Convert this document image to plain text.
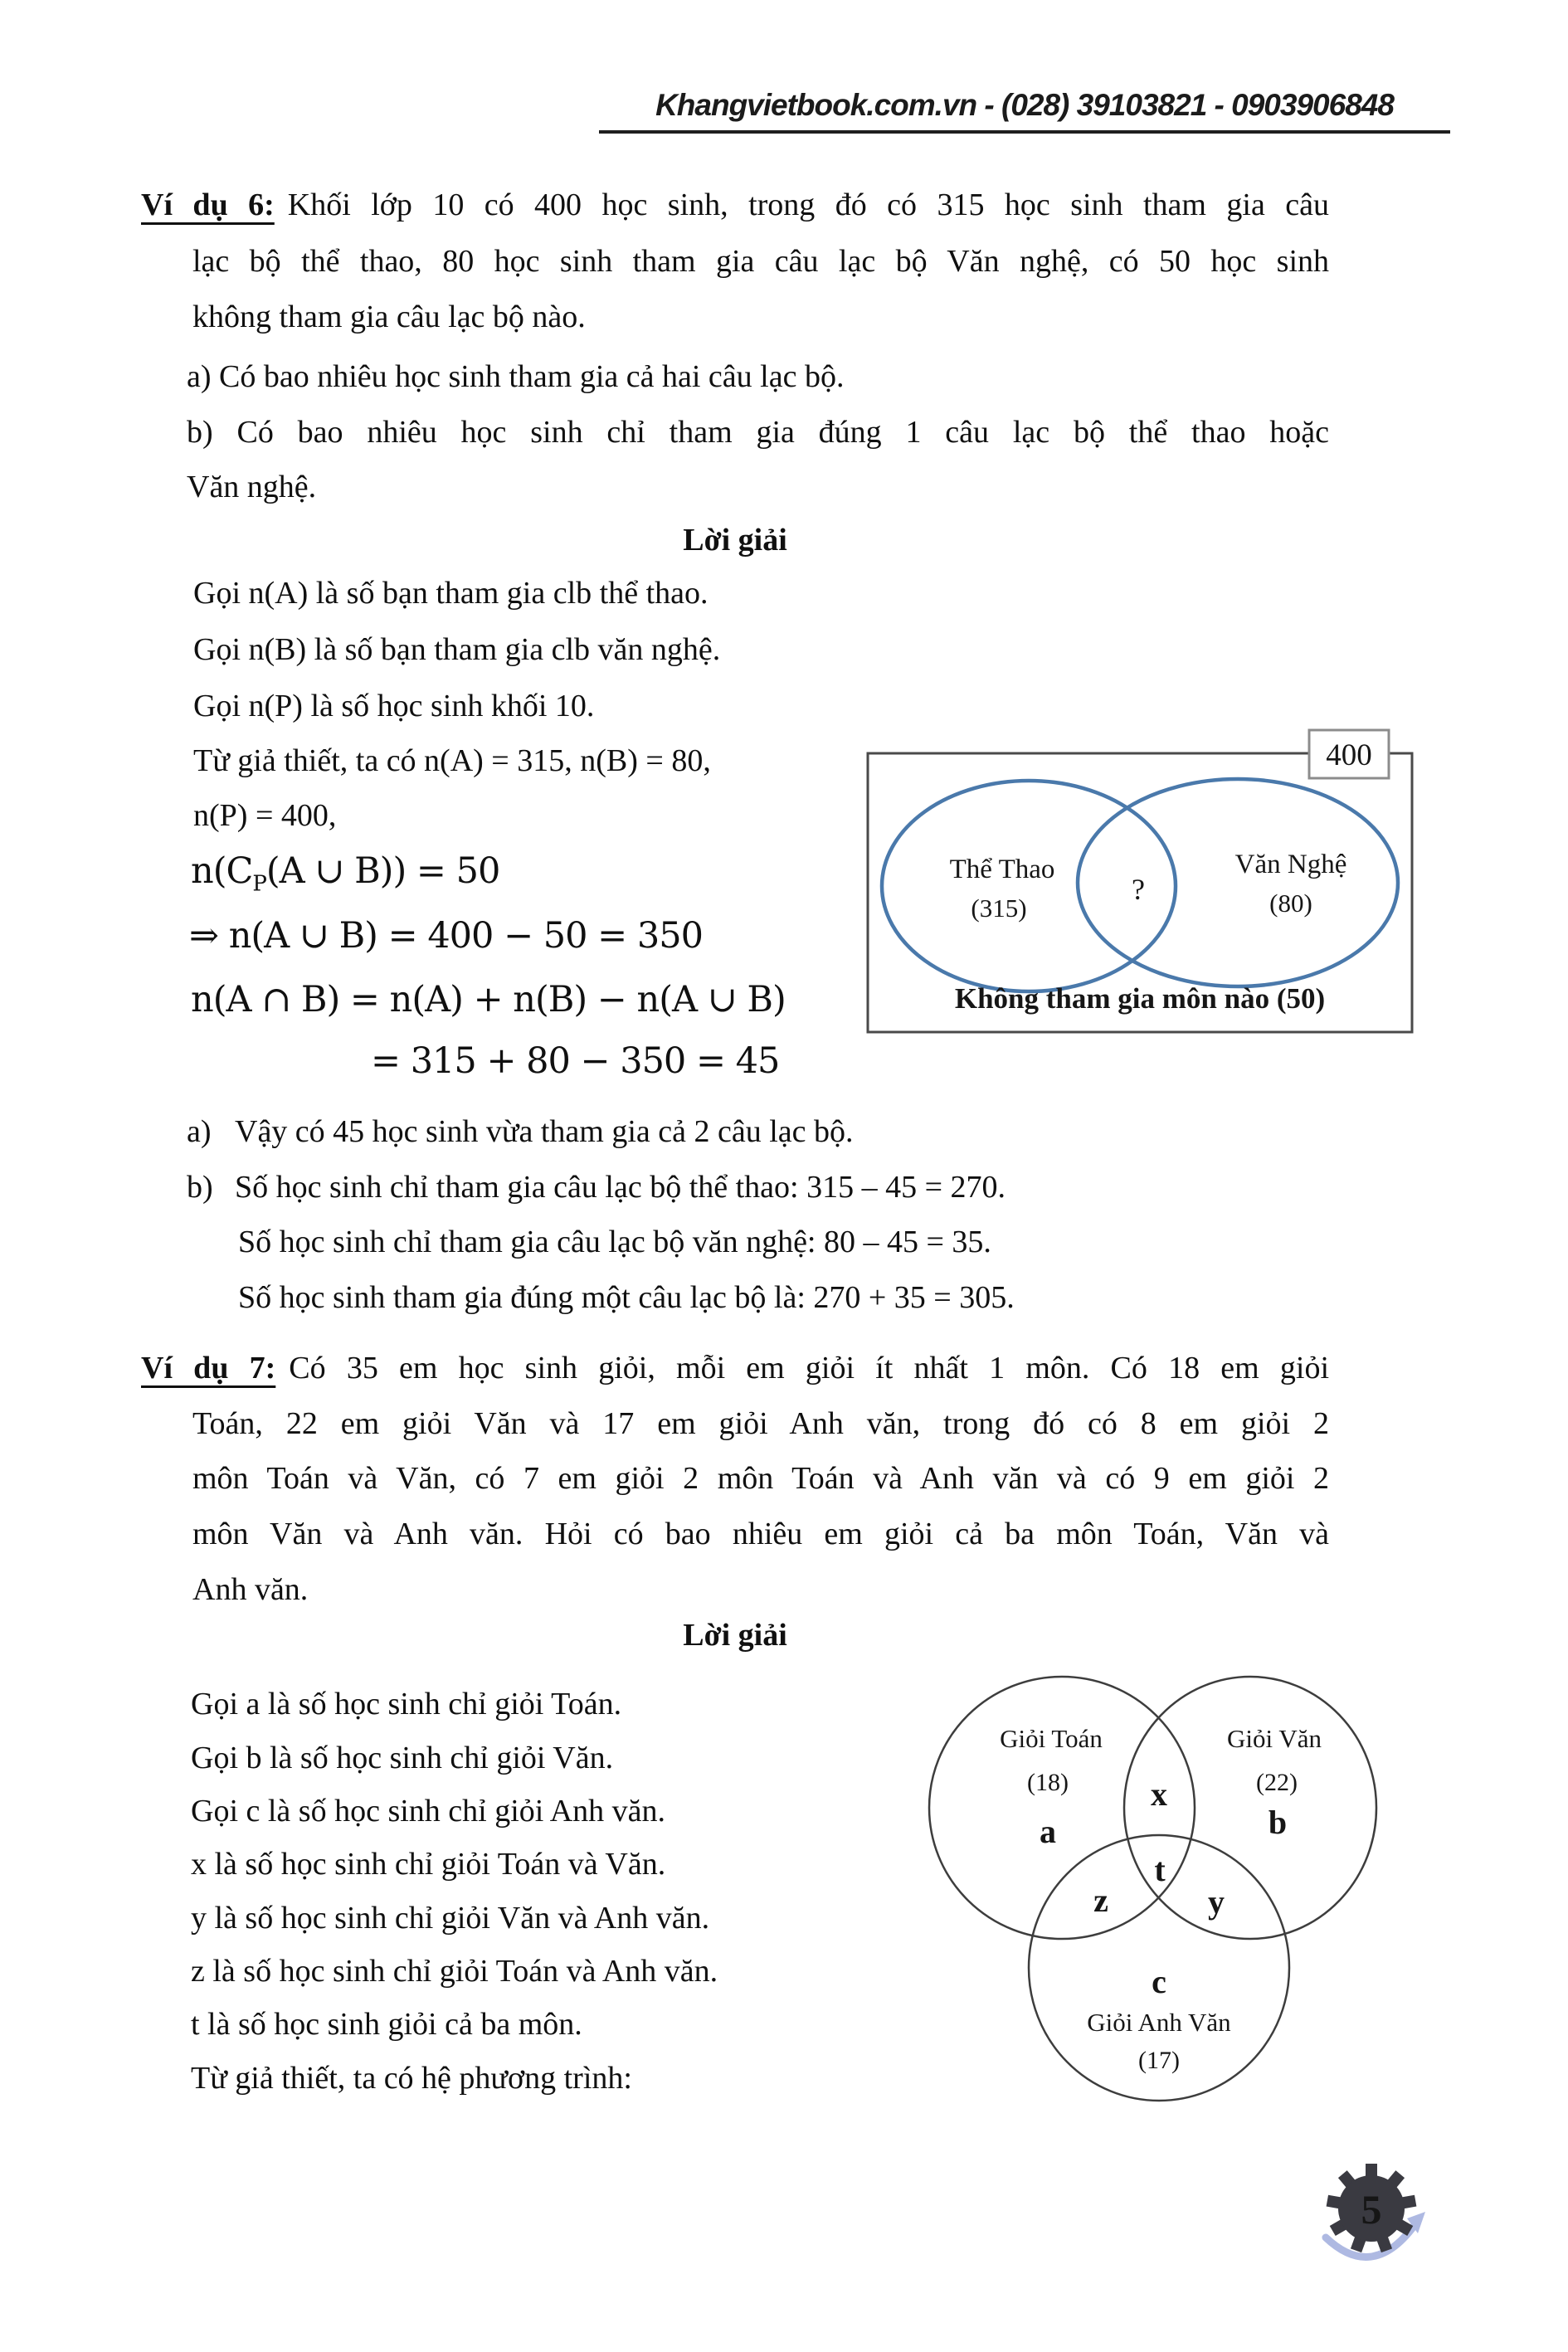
Khangvietbook.com.vn - (028) 39103821 - 0903906848
Ví dụ 6: Khối lớp 10 có 400 học sinh, trong đó có 315 học sinh tham gia câu
lạc bộ thể thao, 80 học sinh tham gia câu lạc bộ Văn nghệ, có 50 học sinh
không tham gia câu lạc bộ nào.
a) Có bao nhiêu học sinh tham gia cả hai câu lạc bộ.
b) Có bao nhiêu học sinh chỉ tham gia đúng 1 câu lạc bộ thể thao hoặc
Văn nghệ.
Lời giải
Gọi n(A) là số bạn tham gia clb thể thao.
Gọi n(B) là số bạn tham gia clb văn nghệ.
Gọi n(P) là số học sinh khối 10.
Từ giả thiết, ta có n(A) = 315, n(B) = 80,
n(P) = 400,
$n(C_P(A$ ∪ B)) = 50
⇒ n(A ∪ B) = 400 − 50 = 350
n(A ∩ B) = n(A) + n(B) − n(A ∪ B)
= 315 + 80 − 350 = 45
a) Vậy có 45 học sinh vừa tham gia cả 2 câu lạc bộ.
b) Số học sinh chỉ tham gia câu lạc bộ thể thao: 315 – 45 = 270.
Số học sinh chỉ tham gia câu lạc bộ văn nghệ: 80 – 45 = 35.
Số học sinh tham gia đúng một câu lạc bộ là: 270 + 35 = 305.
400
Thể Thao
(315)
?
Văn Nghệ
(80)
Không tham gia môn nào (50)
Ví dụ 7: Có 35 em học sinh giỏi, mỗi em giỏi ít nhất 1 môn. Có 18 em giỏi
Toán, 22 em giỏi Văn và 17 em giỏi Anh văn, trong đó có 8 em giỏi 2
môn Toán và Văn, có 7 em giỏi 2 môn Toán và Anh văn và có 9 em giỏi 2
môn Văn và Anh văn. Hỏi có bao nhiêu em giỏi cả ba môn Toán, Văn và
Anh văn.
Lời giải
Gọi a là số học sinh chỉ giỏi Toán.
Gọi b là số học sinh chỉ giỏi Văn.
Gọi c là số học sinh chỉ giỏi Anh văn.
x là số học sinh chỉ giỏi Toán và Văn.
y là số học sinh chỉ giỏi Văn và Anh văn.
z là số học sinh chỉ giỏi Toán và Anh văn.
t là số học sinh giỏi cả ba môn.
Từ giả thiết, ta có hệ phương trình:
Giỏi Toán
(18)
a
Giỏi Văn
(22)
b
x
t
z	y
c
Giỏi Anh Văn
(17)
5
